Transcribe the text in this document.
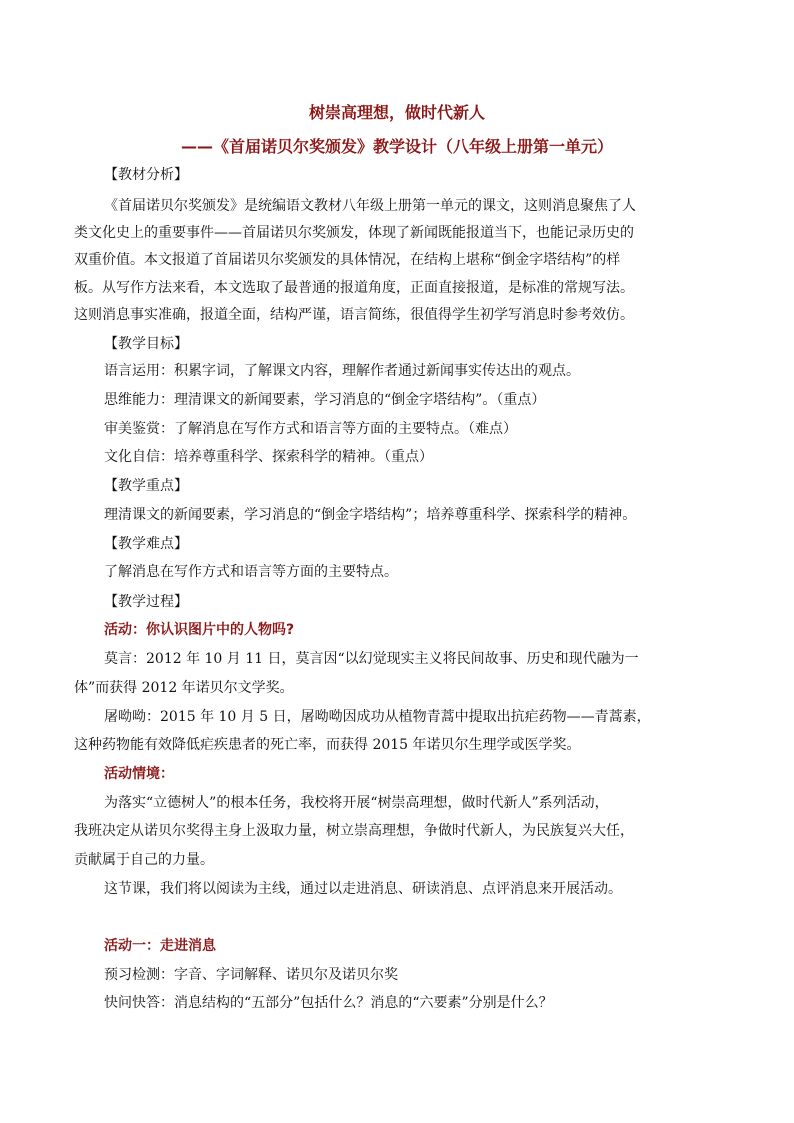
树崇高理想，做时代新人
——《首届诺贝尔奖颁发》教学设计（八年级上册第一单元）
【教材分析】
《首届诺贝尔奖颁发》是统编语文教材八年级上册第一单元的课文，这则消息聚焦了人
类文化史上的重要事件——首届诺贝尔奖颁发，体现了新闻既能报道当下，也能记录历史的
双重价值。本文报道了首届诺贝尔奖颁发的具体情况，在结构上堪称“倒金字塔结构”的样
板。从写作方法来看，本文选取了最普通的报道角度，正面直接报道，是标准的常规写法。
这则消息事实准确，报道全面，结构严谨，语言简练，很值得学生初学写消息时参考效仿。
【教学目标】
语言运用：积累字词，了解课文内容，理解作者通过新闻事实传达出的观点。
思维能力：理清课文的新闻要素，学习消息的“倒金字塔结构”。（重点）
审美鉴赏：了解消息在写作方式和语言等方面的主要特点。（难点）
文化自信：培养尊重科学、探索科学的精神。（重点）
【教学重点】
理清课文的新闻要素，学习消息的“倒金字塔结构”；培养尊重科学、探索科学的精神。
【教学难点】
了解消息在写作方式和语言等方面的主要特点。
【教学过程】
活动：你认识图片中的人物吗?
莫言：2012 年 10 月 11 日，莫言因“以幻觉现实主义将民间故事、历史和现代融为一
体”而获得 2012 年诺贝尔文学奖。
屠呦呦：2015 年 10 月 5 日，屠呦呦因成功从植物青蒿中提取出抗疟药物——青蒿素，
这种药物能有效降低疟疾患者的死亡率，而获得 2015 年诺贝尔生理学或医学奖。
活动情境：
为落实“立德树人”的根本任务，我校将开展“树崇高理想，做时代新人”系列活动，
我班决定从诺贝尔奖得主身上汲取力量，树立崇高理想，争做时代新人，为民族复兴大任，
贡献属于自己的力量。
这节课，我们将以阅读为主线，通过以走进消息、研读消息、点评消息来开展活动。
活动一：走进消息
预习检测：字音、字词解释、诺贝尔及诺贝尔奖
快问快答：消息结构的“五部分”包括什么？消息的“六要素”分别是什么？
